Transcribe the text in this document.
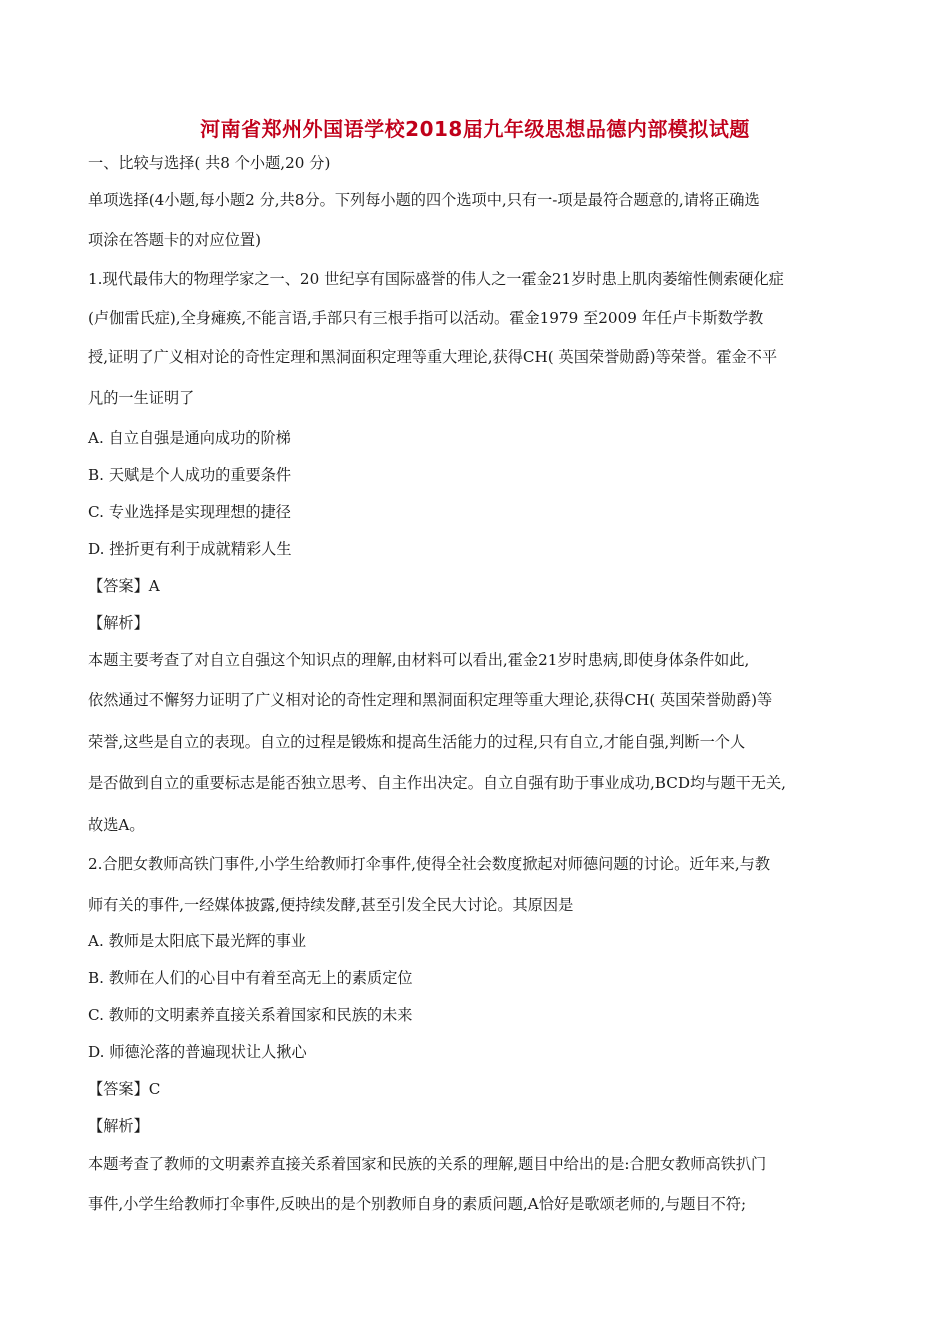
河南省郑州外国语学校2018届九年级思想品德内部模拟试题
一、比较与选择( 共8 个小题,20 分)
单项选择(4小题,每小题2 分,共8分。下列每小题的四个选项中,只有一-项是最符合题意的,请将正确选
项涂在答题卡的对应位置)
1.现代最伟大的物理学家之一、20 世纪享有国际盛誉的伟人之一霍金21岁时患上肌肉萎缩性侧索硬化症
(卢伽雷氏症),全身瘫痪,不能言语,手部只有三根手指可以活动。霍金1979 至2009 年任卢卡斯数学教
授,证明了广义相对论的奇性定理和黑洞面积定理等重大理论,获得CH( 英国荣誉勋爵)等荣誉。霍金不平
凡的一生证明了
A. 自立自强是通向成功的阶梯
B. 天赋是个人成功的重要条件
C. 专业选择是实现理想的捷径
D. 挫折更有利于成就精彩人生
【答案】A
【解析】
本题主要考查了对自立自强这个知识点的理解,由材料可以看出,霍金21岁时患病,即使身体条件如此,
依然通过不懈努力证明了广义相对论的奇性定理和黑洞面积定理等重大理论,获得CH( 英国荣誉勋爵)等
荣誉,这些是自立的表现。自立的过程是锻炼和提高生活能力的过程,只有自立,才能自强,判断一个人
是否做到自立的重要标志是能否独立思考、自主作出决定。自立自强有助于事业成功,BCD均与题干无关,
故选A。
2.合肥女教师高铁门事件,小学生给教师打伞事件,使得全社会数度掀起对师德问题的讨论。近年来,与教
师有关的事件,一经媒体披露,便持续发酵,甚至引发全民大讨论。其原因是
A. 教师是太阳底下最光辉的事业
B. 教师在人们的心目中有着至高无上的素质定位
C. 教师的文明素养直接关系着国家和民族的未来
D. 师德沦落的普遍现状让人揪心
【答案】C
【解析】
本题考查了教师的文明素养直接关系着国家和民族的关系的理解,题目中给出的是:合肥女教师高铁扒门
事件,小学生给教师打伞事件,反映出的是个别教师自身的素质问题,A恰好是歌颂老师的,与题目不符;
